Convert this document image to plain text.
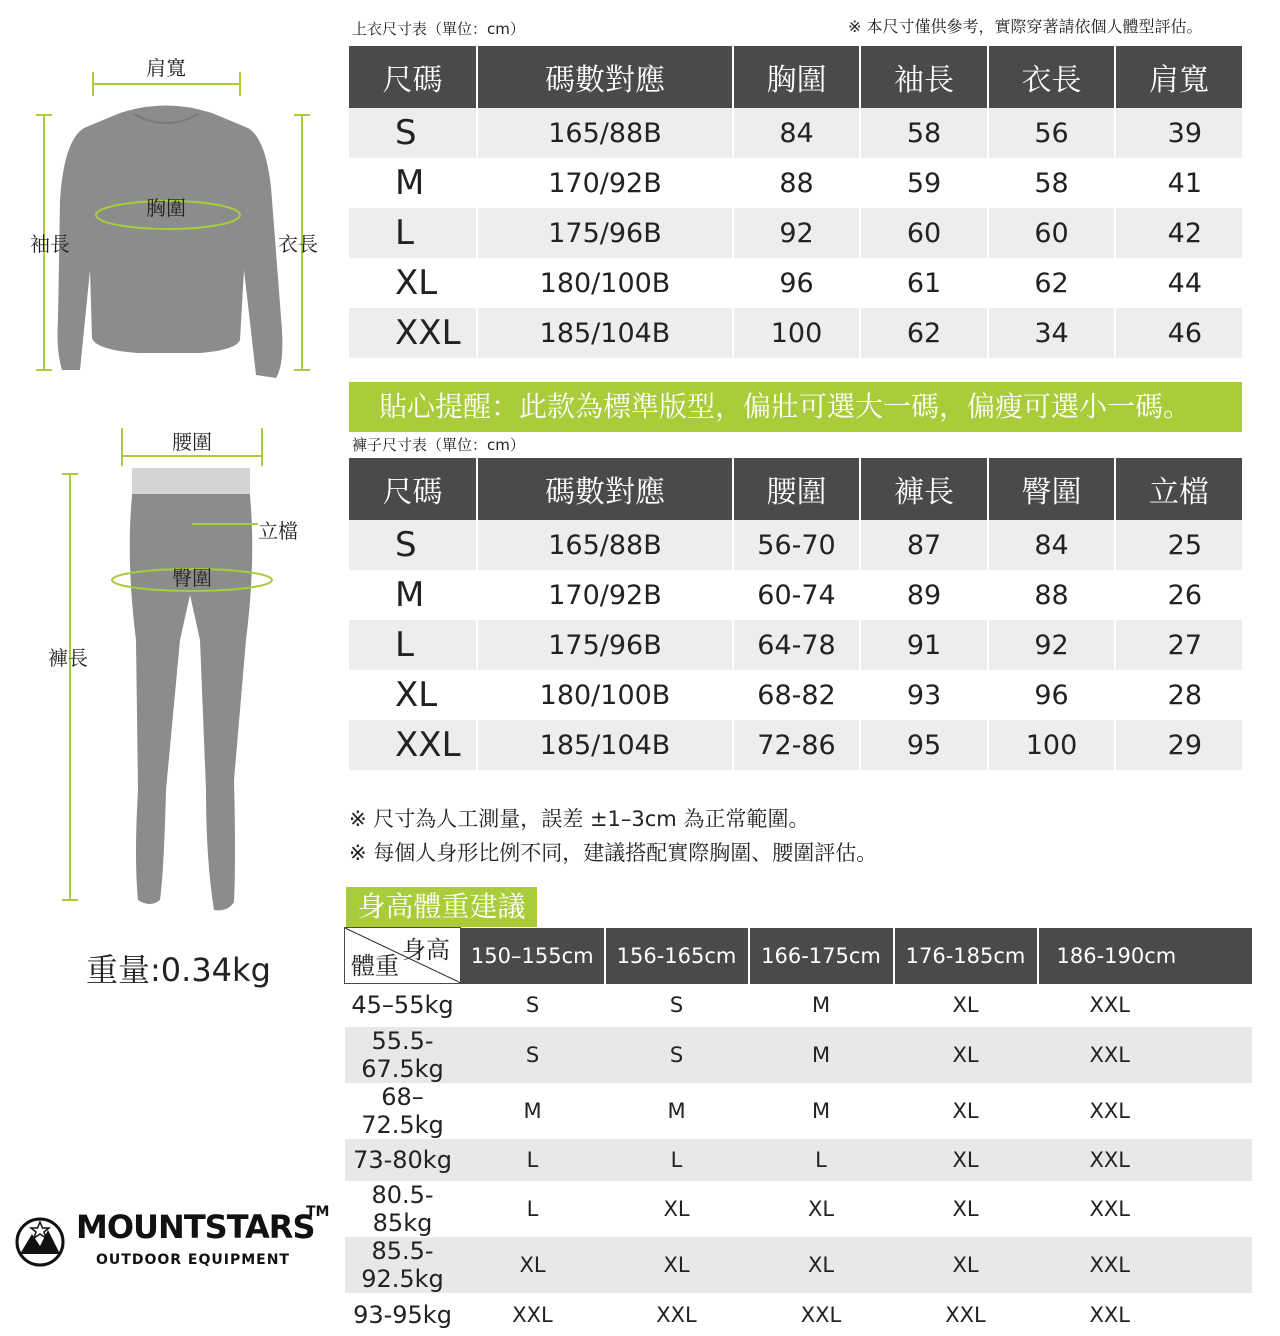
肩寬
胸圍
袖長	衣長
腰圍
立檔
臀圍
褲長
重量:0.34kg
上衣尺寸表（單位：cm）	※ 本尺寸僅供參考，實際穿著請依個人體型評估。
尺碼	碼數對應	胸圍	袖長	衣長	肩寬
S	165/88B	84	58	56	39
M	170/92B	88	59	58	41
L	175/96B	92	60	60	42
XL	180/100B	96	61	62	44
XXL	185/104B	100	62	34	46
貼心提醒：此款為標準版型，偏壯可選大一碼，偏瘦可選小一碼。
褲子尺寸表（單位：cm）
尺碼	碼數對應	腰圍	褲長	臀圍	立檔
S	165/88B	56-70	87	84	25
M	170/92B	60-74	89	88	26
L	175/96B	64-78	91	92	27
XL	180/100B	68-82	93	96	28
XXL	185/104B	72-86	95	100	29
※ 尺寸為人工測量，誤差 ±1–3cm 為正常範圍。
※ 每個人身形比例不同，建議搭配實際胸圍、腰圍評估。
身高體重建議
身高
體重	150–155cm	156-165cm	166-175cm	176-185cm	186-190cm
45–55kg	S	S	M	XL	XXL
55.5-67.5kg	S	S	M	XL	XXL
68–72.5kg	M	M	M	XL	XXL
73-80kg	L	L	L	XL	XXL
80.5-85kg	L	XL	XL	XL	XXL
85.5-92.5kg	XL	XL	XL	XL	XXL
93-95kg	XXL	XXL	XXL	XXL	XXL
MOUNTSTARS
TM
OUTDOOR EQUIPMENT
